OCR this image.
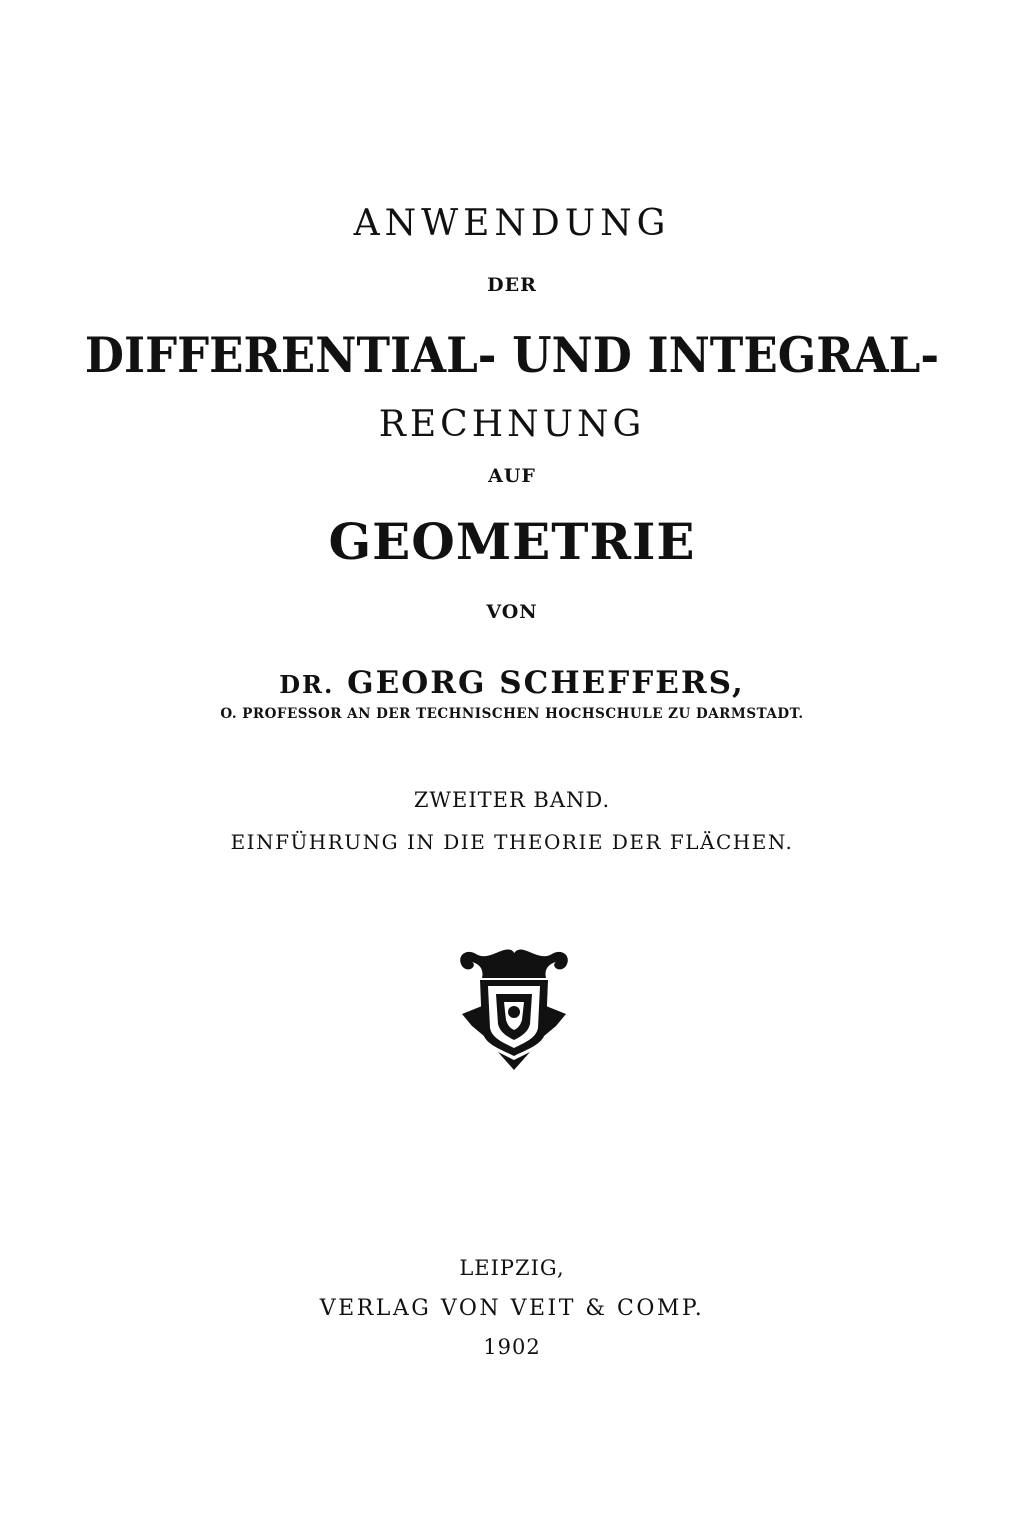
ANWENDUNG
DER
DIFFERENTIAL- UND INTEGRAL-
RECHNUNG
AUF
GEOMETRIE
VON
DR. GEORG SCHEFFERS,
O. PROFESSOR AN DER TECHNISCHEN HOCHSCHULE ZU DARMSTADT.
ZWEITER BAND.
EINFÜHRUNG IN DIE THEORIE DER FLÄCHEN.
LEIPZIG,
VERLAG VON VEIT & COMP.
1902
